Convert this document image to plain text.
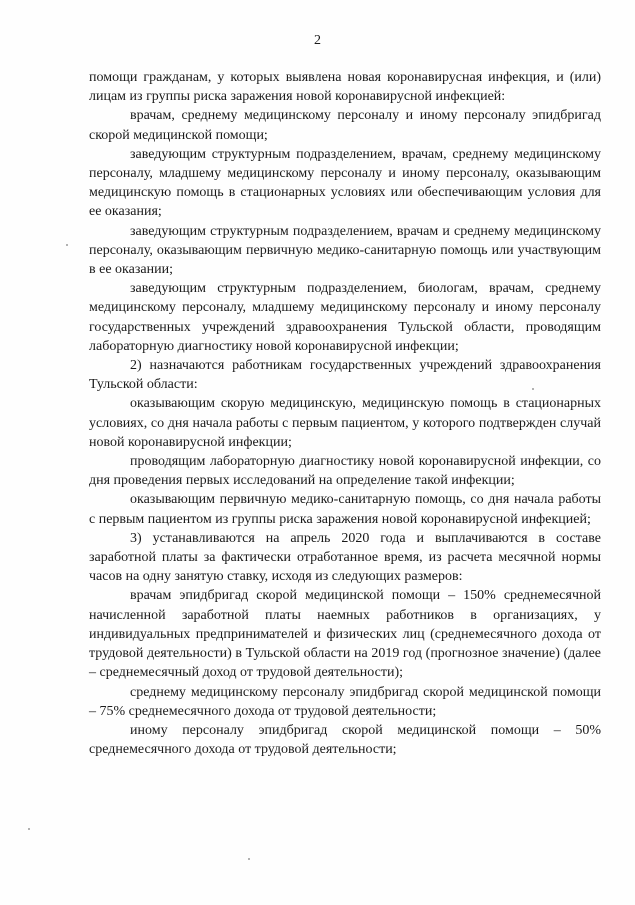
2

помощи гражданам, у которых выявлена новая коронавирусная инфекция, и (или) лицам из группы риска заражения новой коронавирусной инфекцией:

врачам, среднему медицинскому персоналу и иному персоналу эпидбригад скорой медицинской помощи;

заведующим структурным подразделением, врачам, среднему медицинскому персоналу, младшему медицинскому персоналу и иному персоналу, оказывающим медицинскую помощь в стационарных условиях или обеспечивающим условия для ее оказания;

заведующим структурным подразделением, врачам и среднему медицинскому персоналу, оказывающим первичную медико-санитарную помощь или участвующим в ее оказании;

заведующим структурным подразделением, биологам, врачам, среднему медицинскому персоналу, младшему медицинскому персоналу и иному персоналу государственных учреждений здравоохранения Тульской области, проводящим лабораторную диагностику новой коронавирусной инфекции;

2) назначаются работникам государственных учреждений здравоохранения Тульской области:

оказывающим скорую медицинскую, медицинскую помощь в стационарных условиях, со дня начала работы с первым пациентом, у которого подтвержден случай новой коронавирусной инфекции;

проводящим лабораторную диагностику новой коронавирусной инфекции, со дня проведения первых исследований на определение такой инфекции;

оказывающим первичную медико-санитарную помощь, со дня начала работы с первым пациентом из группы риска заражения новой коронавирусной инфекцией;

3) устанавливаются на апрель 2020 года и выплачиваются в составе заработной платы за фактически отработанное время, из расчета месячной нормы часов на одну занятую ставку, исходя из следующих размеров:

врачам эпидбригад скорой медицинской помощи – 150% среднемесячной начисленной заработной платы наемных работников в организациях, у индивидуальных предпринимателей и физических лиц (среднемесячного дохода от трудовой деятельности) в Тульской области на 2019 год (прогнозное значение) (далее – среднемесячный доход от трудовой деятельности);

среднему медицинскому персоналу эпидбригад скорой медицинской помощи – 75% среднемесячного дохода от трудовой деятельности;

иному персоналу эпидбригад скорой медицинской помощи – 50% среднемесячного дохода от трудовой деятельности;
